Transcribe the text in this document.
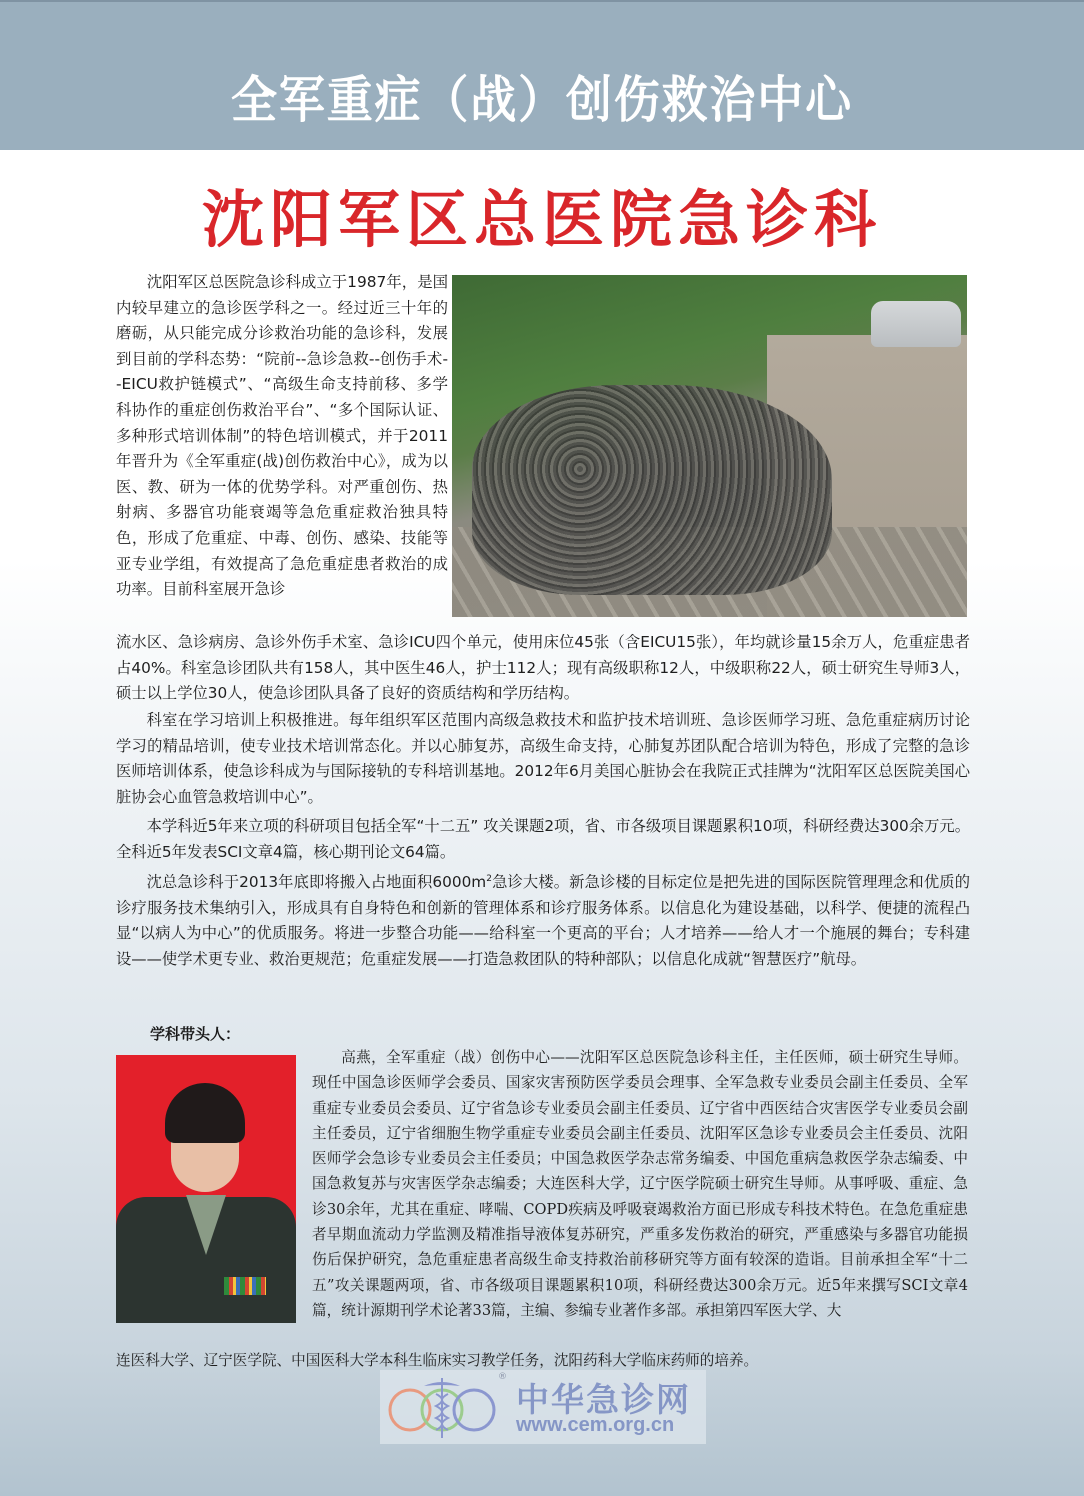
全军重症（战）创伤救治中心
沈阳军区总医院急诊科
沈阳军区总医院急诊科成立于1987年，是国内较早建立的急诊医学科之一。经过近三十年的磨砺，从只能完成分诊救治功能的急诊科，发展到目前的学科态势：“院前--急诊急救--创伤手术--EICU救护链模式”、“高级生命支持前移、多学科协作的重症创伤救治平台”、“多个国际认证、多种形式培训体制”的特色培训模式，并于2011年晋升为《全军重症(战)创伤救治中心》，成为以医、教、研为一体的优势学科。对严重创伤、热射病、多器官功能衰竭等急危重症救治独具特色，形成了危重症、中毒、创伤、感染、技能等亚专业学组，有效提高了急危重症患者救治的成功率。目前科室展开急诊
流水区、急诊病房、急诊外伤手术室、急诊ICU四个单元，使用床位45张（含EICU15张），年均就诊量15余万人，危重症患者占40%。科室急诊团队共有158人，其中医生46人，护士112人；现有高级职称12人，中级职称22人，硕士研究生导师3人，硕士以上学位30人，使急诊团队具备了良好的资质结构和学历结构。
科室在学习培训上积极推进。每年组织军区范围内高级急救技术和监护技术培训班、急诊医师学习班、急危重症病历讨论学习的精品培训，使专业技术培训常态化。并以心肺复苏，高级生命支持，心肺复苏团队配合培训为特色，形成了完整的急诊医师培训体系，使急诊科成为与国际接轨的专科培训基地。2012年6月美国心脏协会在我院正式挂牌为“沈阳军区总医院美国心脏协会心血管急救培训中心”。
本学科近5年来立项的科研项目包括全军“十二五” 攻关课题2项，省、市各级项目课题累积10项，科研经费达300余万元。全科近5年发表SCI文章4篇，核心期刊论文64篇。
沈总急诊科于2013年底即将搬入占地面积$6000m^2$急诊大楼。新急诊楼的目标定位是把先进的国际医院管理理念和优质的诊疗服务技术集纳引入，形成具有自身特色和创新的管理体系和诊疗服务体系。以信息化为建设基础，以科学、便捷的流程凸显“以病人为中心”的优质服务。将进一步整合功能——给科室一个更高的平台；人才培养——给人才一个施展的舞台；专科建设——使学术更专业、救治更规范；危重症发展——打造急救团队的特种部队；以信息化成就“智慧医疗”航母。
学科带头人：
高燕，全军重症（战）创伤中心——沈阳军区总医院急诊科主任，主任医师，硕士研究生导师。现任中国急诊医师学会委员、国家灾害预防医学委员会理事、全军急救专业委员会副主任委员、全军重症专业委员会委员、辽宁省急诊专业委员会副主任委员、辽宁省中西医结合灾害医学专业委员会副主任委员，辽宁省细胞生物学重症专业委员会副主任委员、沈阳军区急诊专业委员会主任委员、沈阳医师学会急诊专业委员会主任委员；中国急救医学杂志常务编委、中国危重病急救医学杂志编委、中国急救复苏与灾害医学杂志编委；大连医科大学，辽宁医学院硕士研究生导师。从事呼吸、重症、急诊30余年，尤其在重症、哮喘、COPD疾病及呼吸衰竭救治方面已形成专科技术特色。在急危重症患者早期血流动力学监测及精准指导液体复苏研究，严重多发伤救治的研究，严重感染与多器官功能损伤后保护研究，急危重症患者高级生命支持救治前移研究等方面有较深的造诣。目前承担全军“十二五”攻关课题两项，省、市各级项目课题累积10项，科研经费达300余万元。近5年来撰写SCI文章4篇，统计源期刊学术论著33篇，主编、参编专业著作多部。承担第四军医大学、大
连医科大学、辽宁医学院、中国医科大学本科生临床实习教学任务，沈阳药科大学临床药师的培养。
®
中华急诊网
www.cem.org.cn
